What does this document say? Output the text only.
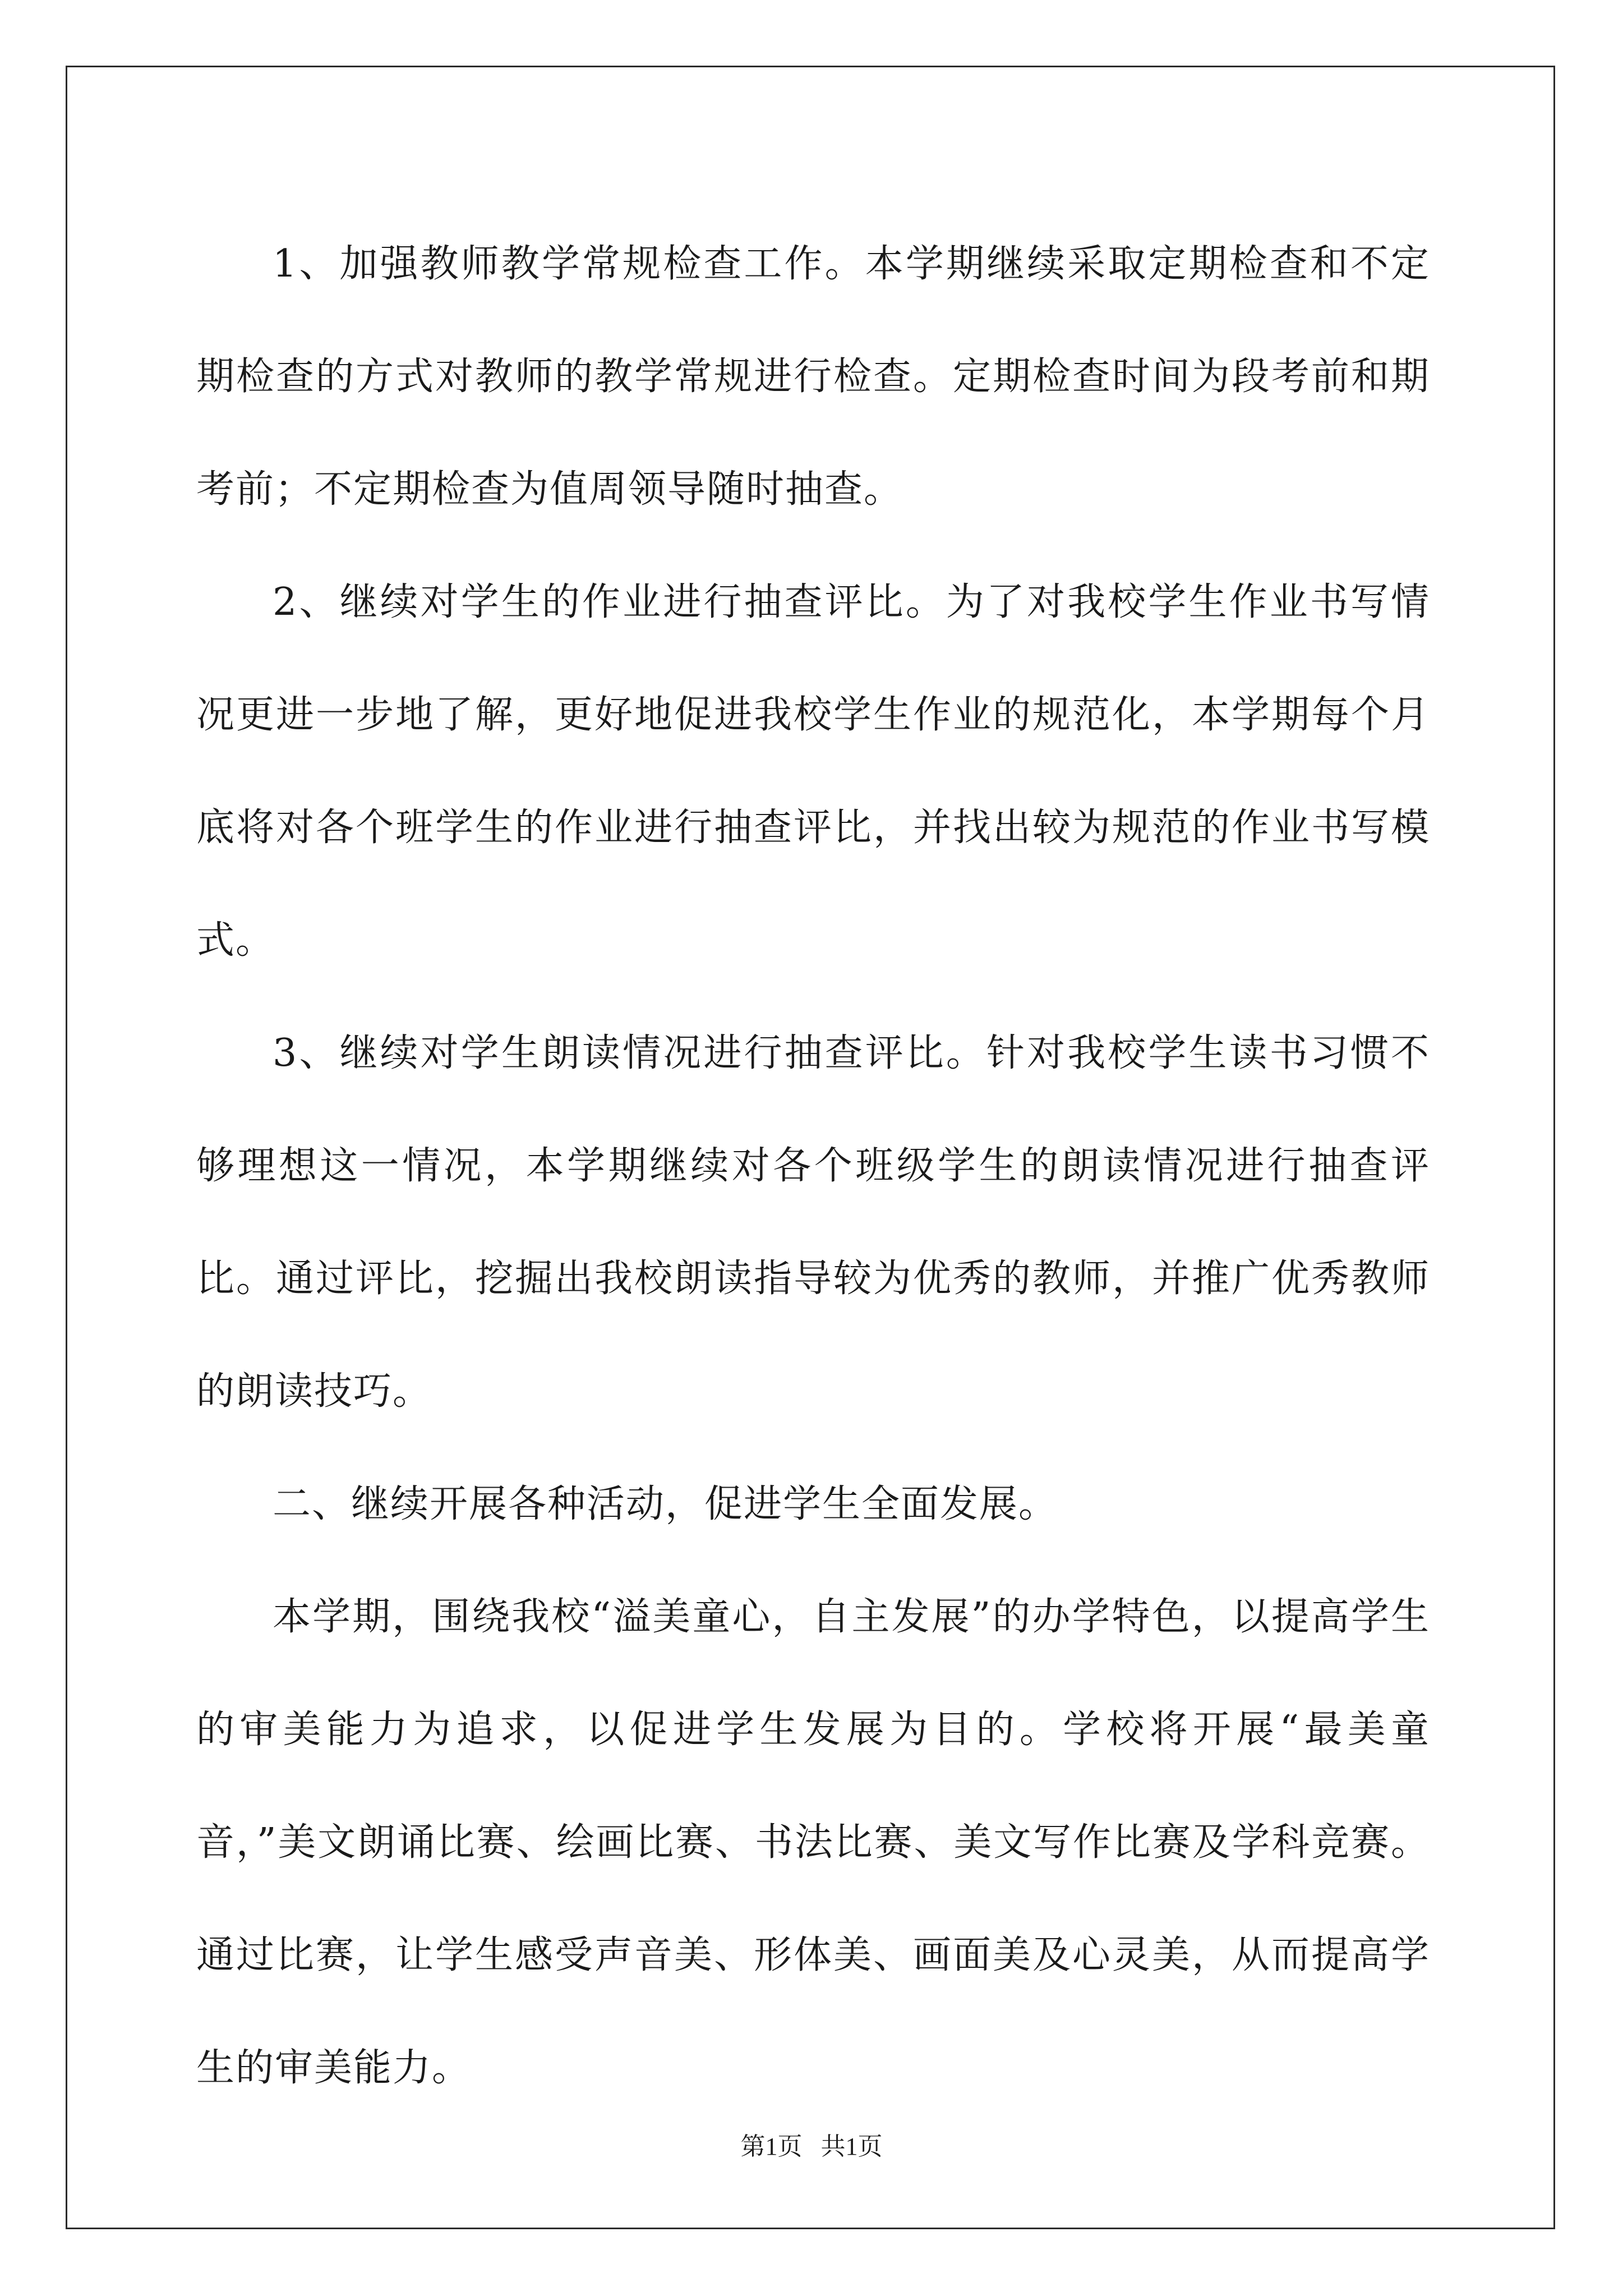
1、加强教师教学常规检查工作。本学期继续采取定期检查和不定期检查的方式对教师的教学常规进行检查。定期检查时间为段考前和期考前；不定期检查为值周领导随时抽查。

2、继续对学生的作业进行抽查评比。为了对我校学生作业书写情况更进一步地了解，更好地促进我校学生作业的规范化，本学期每个月底将对各个班学生的作业进行抽查评比，并找出较为规范的作业书写模式。

3、继续对学生朗读情况进行抽查评比。针对我校学生读书习惯不够理想这一情况，本学期继续对各个班级学生的朗读情况进行抽查评比。通过评比，挖掘出我校朗读指导较为优秀的教师，并推广优秀教师的朗读技巧。

二、继续开展各种活动，促进学生全面发展。

本学期，围绕我校“溢美童心，自主发展”的办学特色，以提高学生的审美能力为追求，以促进学生发展为目的。学校将开展“最美童音，”美文朗诵比赛、绘画比赛、书法比赛、美文写作比赛及学科竞赛。通过比赛，让学生感受声音美、形体美、画面美及心灵美，从而提高学生的审美能力。

第1页   共1页
